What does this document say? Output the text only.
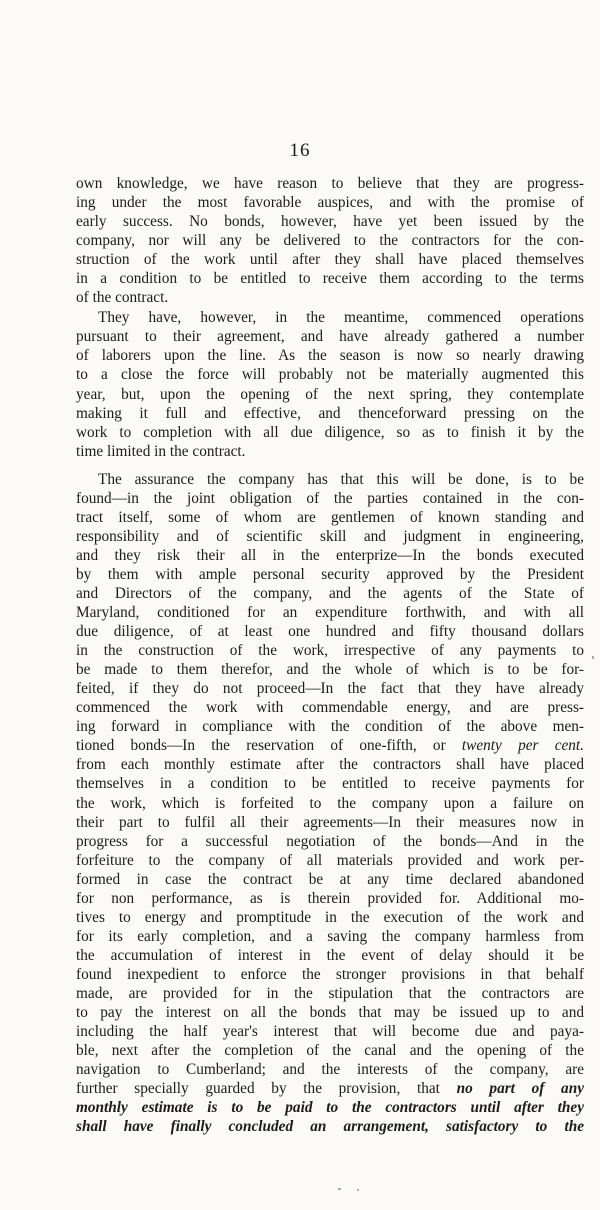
16
own knowledge, we have reason to believe that they are progress-
ing under the most favorable auspices, and with the promise of
early success. No bonds, however, have yet been issued by the
company, nor will any be delivered to the contractors for the con-
struction of the work until after they shall have placed themselves
in a condition to be entitled to receive them according to the terms
of the contract.
They have, however, in the meantime, commenced operations
pursuant to their agreement, and have already gathered a number
of laborers upon the line. As the season is now so nearly drawing
to a close the force will probably not be materially augmented this
year, but, upon the opening of the next spring, they contemplate
making it full and effective, and thenceforward pressing on the
work to completion with all due diligence, so as to finish it by the
time limited in the contract.
The assurance the company has that this will be done, is to be
found—in the joint obligation of the parties contained in the con-
tract itself, some of whom are gentlemen of known standing and
responsibility and of scientific skill and judgment in engineering,
and they risk their all in the enterprize—In the bonds executed
by them with ample personal security approved by the President
and Directors of the company, and the agents of the State of
Maryland, conditioned for an expenditure forthwith, and with all
due diligence, of at least one hundred and fifty thousand dollars
in the construction of the work, irrespective of any payments to
be made to them therefor, and the whole of which is to be for-
feited, if they do not proceed—In the fact that they have already
commenced the work with commendable energy, and are press-
ing forward in compliance with the condition of the above men-
tioned bonds—In the reservation of one-fifth, or twenty per cent.
from each monthly estimate after the contractors shall have placed
themselves in a condition to be entitled to receive payments for
the work, which is forfeited to the company upon a failure on
their part to fulfil all their agreements—In their measures now in
progress for a successful negotiation of the bonds—And in the
forfeiture to the company of all materials provided and work per-
formed in case the contract be at any time declared abandoned
for non performance, as is therein provided for. Additional mo-
tives to energy and promptitude in the execution of the work and
for its early completion, and a saving the company harmless from
the accumulation of interest in the event of delay should it be
found inexpedient to enforce the stronger provisions in that behalf
made, are provided for in the stipulation that the contractors are
to pay the interest on all the bonds that may be issued up to and
including the half year's interest that will become due and paya-
ble, next after the completion of the canal and the opening of the
navigation to Cumberland; and the interests of the company, are
further specially guarded by the provision, that no part of any
monthly estimate is to be paid to the contractors until after they
shall have finally concluded an arrangement, satisfactory to the
